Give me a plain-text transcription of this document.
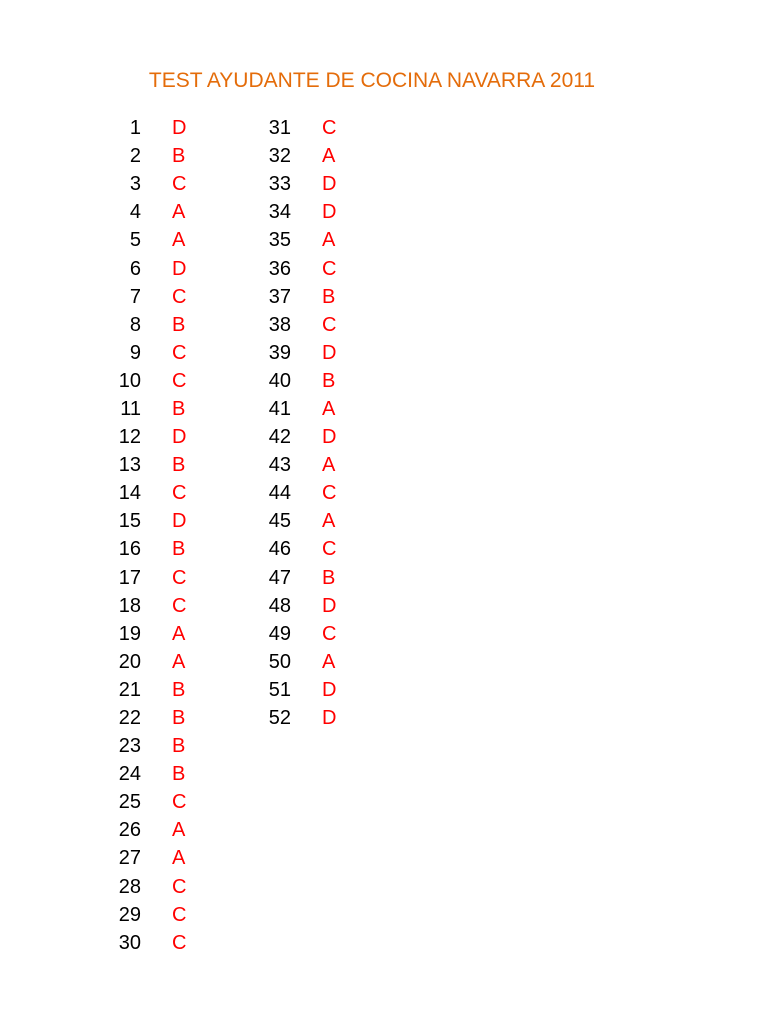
TEST AYUDANTE DE COCINA NAVARRA 2011
1 D
2 B
3 C
4 A
5 A
6 D
7 C
8 B
9 C
10 C
11 B
12 D
13 B
14 C
15 D
16 B
17 C
18 C
19 A
20 A
21 B
22 B
23 B
24 B
25 C
26 A
27 A
28 C
29 C
30 C
31 C
32 A
33 D
34 D
35 A
36 C
37 B
38 C
39 D
40 B
41 A
42 D
43 A
44 C
45 A
46 C
47 B
48 D
49 C
50 A
51 D
52 D
